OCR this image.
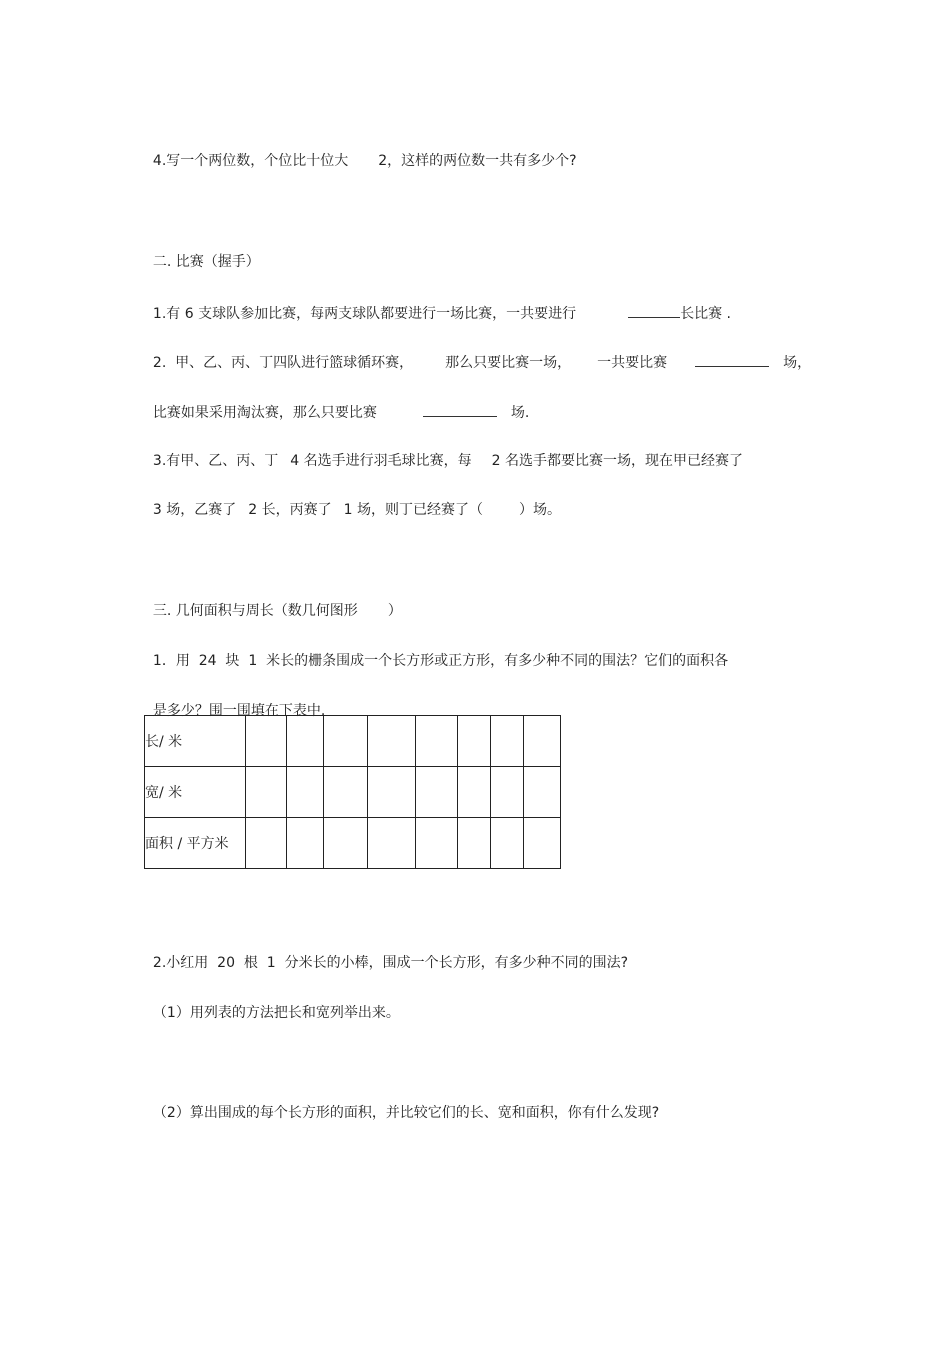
4.写一个两位数，个位比十位大 2，这样的两位数一共有多少个?

二. 比赛（握手）

1.有 6 支球队参加比赛，每两支球队都要进行一场比赛，一共要进行	长比赛 .

2.  甲、乙、丙、丁四队进行篮球循环赛， 那么只要比赛一场， 一共要比赛	场，

比赛如果采用淘汰赛，那么只要比赛	场.

3.有甲、乙、丙、丁 4 名选手进行羽毛球比赛，每 2 名选手都要比赛一场，现在甲已经赛了

3 场，乙赛了 2 长，丙赛了 1 场，则丁已经赛了（	）场。

三. 几何面积与周长（数几何图形 ）

1．用  24  块  1  米长的栅条围成一个长方形或正方形，有多少种不同的围法？它们的面积各

是多少？围一围填在下表中.

长/ 米								
宽/ 米								
面积 / 平方米								

2.小红用  20  根  1  分米长的小棒，围成一个长方形，有多少种不同的围法?

（1）用列表的方法把长和宽列举出来。

（2）算出围成的每个长方形的面积，并比较它们的长、宽和面积，你有什么发现?
